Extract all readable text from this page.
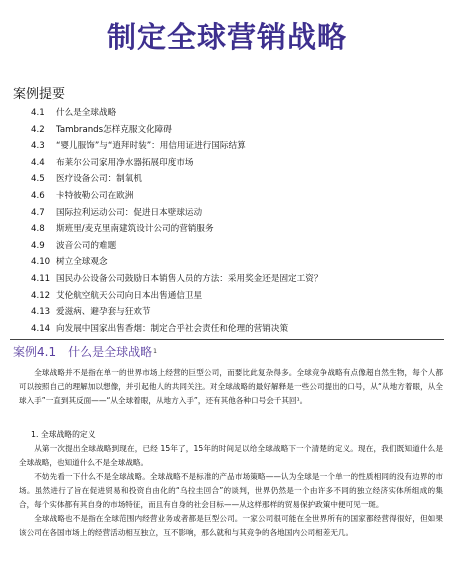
制定全球营销战略
案例提要
4.1	什么是全球战略
4.2	Tambrands怎样克服文化障碍
4.3	“婴儿服饰”与“逍拜时装”：用信用证进行国际结算
4.4	布莱尔公司家用净水器拓展印度市场
4.5	医疗设备公司：制氧机
4.6	卡特彼勒公司在欧洲
4.7	国际拉利运动公司：促进日本壁球运动
4.8	斯班里/麦克里南建筑设计公司的营销服务
4.9	波音公司的难题
4.10 树立全球观念
4.11 国民办公设备公司鼓励日本销售人员的方法：采用奖金还是固定工资？
4.12 艾伦航空航天公司向日本出售通信卫星
4.13 爱滋病、避孕套与狂欢节
4.14 向发展中国家出售香烟：制定合乎社会责任和伦理的营销决策
案例4.1 什么是全球战略$^1$

全球战略并不是指在单一的世界市场上经营的巨型公司，而要比此复杂得多。全球竞争战略有点像超自然生物，每个人都可以按照自己的理解加以想像，并引起他人的共同关注。对全球战略的最好解释是一些公司提出的口号，从“从地方着眼，从全球入手”一直到其反面——“从全球着眼，从地方入手”，还有其他各种口号会千其回¹。

1. 全球战略的定义

从第一次提出全球战略到现在，已经 15年了，15年的时间足以给全球战略下一个清楚的定义。现在，我们既知道什么是全球战略，也知道什么不是全球战略。

不妨先看一下什么不是全球战略。全球战略不是标准的产品市场策略——认为全球是一个单一的性质相同的没有边界的市场。虽然进行了旨在促进贸易和投资自由化的“乌拉圭回合”的谈判，世界仍然是一个由许多不同的独立经济实体所组成的集合，每个实体都有其自身的市场特征，而且有自身的社会目标——从这样那样的贸易保护政策中便可见一斑。

全球战略也不是指在全球范围内经营业务或者都是巨型公司。一家公司很可能在全世界所有的国家都经营得很好，但如果该公司在各国市场上的经营活动相互独立，互不影响，那么就和与其竞争的各地国内公司相差无几。
